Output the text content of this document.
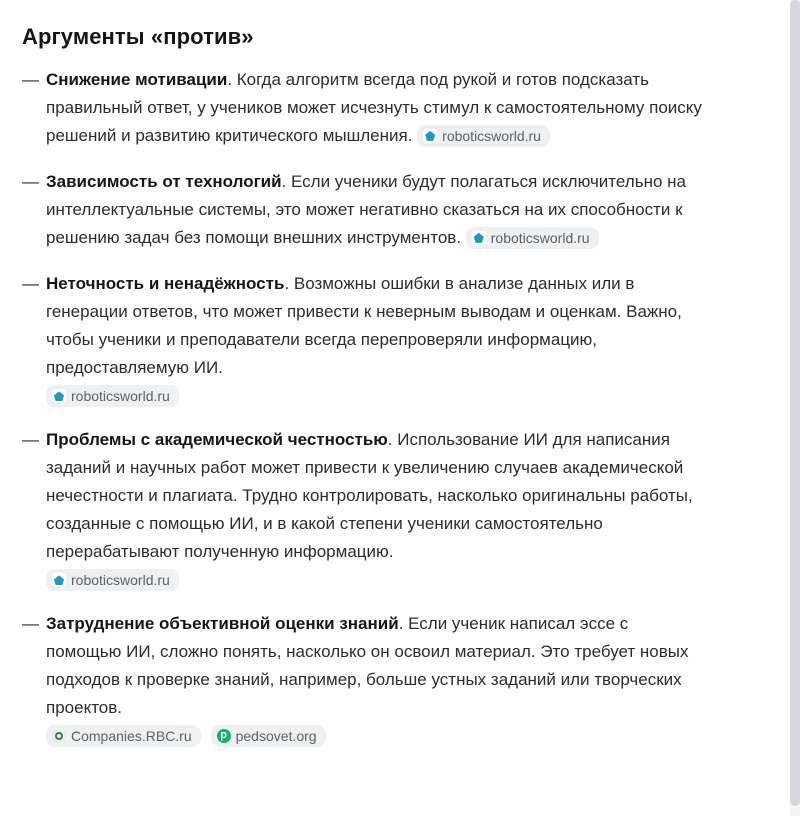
Аргументы «против»
— Снижение мотивации. Когда алгоритм всегда под рукой и готов подсказать правильный ответ, у учеников может исчезнуть стимул к самостоятельному поиску решений и развитию критического мышления. roboticsworld.ru
— Зависимость от технологий. Если ученики будут полагаться исключительно на интеллектуальные системы, это может негативно сказаться на их способности к решению задач без помощи внешних инструментов. roboticsworld.ru
— Неточность и ненадёжность. Возможны ошибки в анализе данных или в генерации ответов, что может привести к неверным выводам и оценкам. Важно, чтобы ученики и преподаватели всегда перепроверяли информацию, предоставляемую ИИ.
roboticsworld.ru
— Проблемы с академической честностью. Использование ИИ для написания заданий и научных работ может привести к увеличению случаев академической нечестности и плагиата. Трудно контролировать, насколько оригинальны работы, созданные с помощью ИИ, и в какой степени ученики самостоятельно перерабатывают полученную информацию.
roboticsworld.ru
— Затруднение объективной оценки знаний. Если ученик написал эссе с помощью ИИ, сложно понять, насколько он освоил материал. Это требует новых подходов к проверке знаний, например, больше устных заданий или творческих проектов.
Companies.RBC.ru p	pedsovet.org
